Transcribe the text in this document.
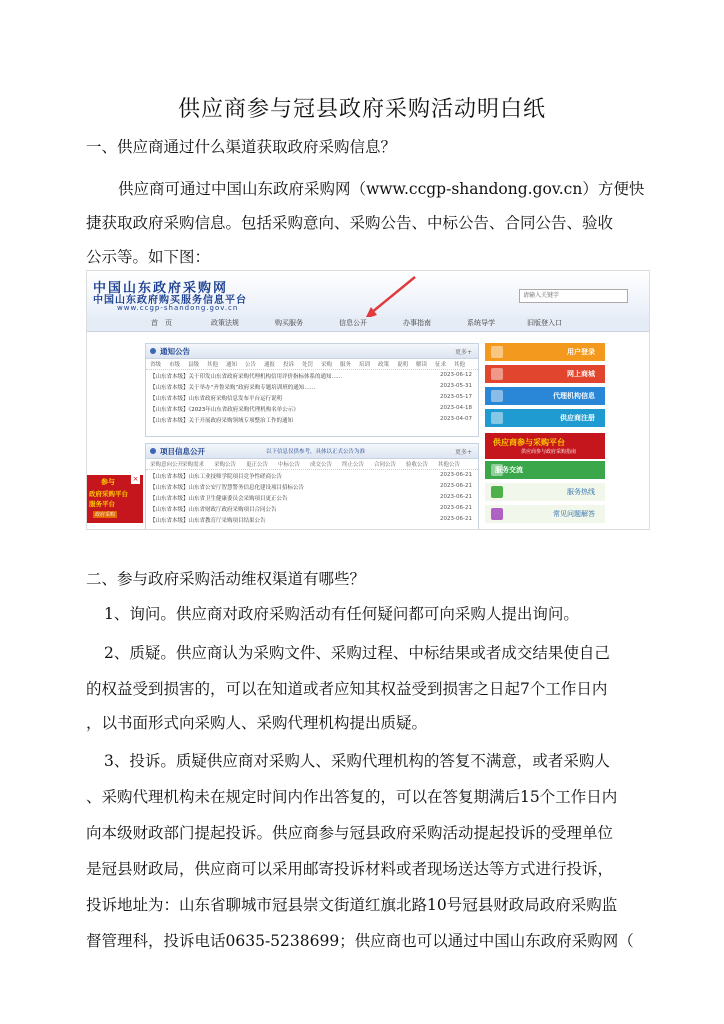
供应商参与冠县政府采购活动明白纸
一、供应商通过什么渠道获取政府采购信息？
供应商可通过中国山东政府采购网（www.ccgp-shandong.gov.cn）方便快
捷获取政府采购信息。包括采购意向、采购公告、中标公告、合同公告、验收
公示等。如下图：
中国山东政府采购网
中国山东政府购买服务信息平台
www.ccgp-shandong.gov.cn
请输入关键字
首　页	政策法规	购买服务	信息公开	办事指南	系统导学	旧版登入口
通知公告	更多+
省级 市级 县级 其他 通知 公告 通报 投诉 处罚 采购 服务 培训 政策 说明 解读 征求 其他
【山东省本级】关于印发山东省政府采购代理机构信用评价指标体系的通知……	2023-06-12
【山东省本级】关于举办“齐鲁采购”政府采购专题培训班的通知……	2023-05-31
【山东省本级】山东省政府采购信息发布平台运行说明	2023-05-17
【山东省本级】《2023年山东省政府采购代理机构名单公示》	2023-04-18
【山东省本级】关于开展政府采购领域专项整治工作的通知	2023-04-07
项目信息公开	以下信息仅供参考，具体以正式公告为准	更多+
采购意向公开
采购需求 采购公告 更正公告 中标公告 成交公告 终止公告 合同公告 验收公告 其他公告
【山东省本级】山东工业技师学院项目竞争性磋商公告	2023-06-21
【山东省本级】山东省公安厅智慧警务信息化建设项目招标公告	2023-06-21
【山东省本级】山东省卫生健康委员会采购项目更正公告	2023-06-21
【山东省本级】山东省财政厅政府采购项目合同公告	2023-06-21
【山东省本级】山东省教育厅采购项目结果公告	2023-06-21
用户登录
网上商城
代理机构信息
供应商注册
供应商参与采购平台
供应商参与政府采购指南
服务交流
服务热线
常见问题解答
参与
政府采购平台
服务平台
政府采购
×
二、参与政府采购活动维权渠道有哪些？
1、询问。供应商对政府采购活动有任何疑问都可向采购人提出询问。
2、质疑。供应商认为采购文件、采购过程、中标结果或者成交结果使自己
的权益受到损害的，可以在知道或者应知其权益受到损害之日起7个工作日内
，以书面形式向采购人、采购代理机构提出质疑。
3、投诉。质疑供应商对采购人、采购代理机构的答复不满意，或者采购人
、采购代理机构未在规定时间内作出答复的，可以在答复期满后15个工作日内
向本级财政部门提起投诉。供应商参与冠县政府采购活动提起投诉的受理单位
是冠县财政局，供应商可以采用邮寄投诉材料或者现场送达等方式进行投诉，
投诉地址为：山东省聊城市冠县崇文街道红旗北路10号冠县财政局政府采购监
督管理科，投诉电话0635-5238699；供应商也可以通过中国山东政府采购网（
